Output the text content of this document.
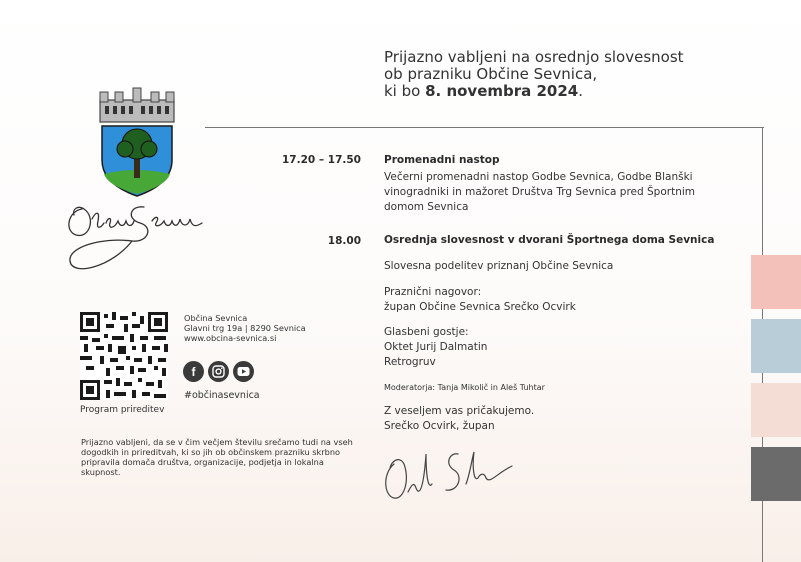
Prijazno vabljeni na osrednjo slovesnost
ob prazniku Občine Sevnica,
ki bo 8. novembra 2024.
17.20 – 17.50 Promenadni nastop
Večerni promenadni nastop Godbe Sevnica, Godbe Blanški
vinogradniki in mažoret Društva Trg Sevnica pred Športnim
domom Sevnica
18.00 Osrednja slovesnost v dvorani Športnega doma Sevnica
Slovesna podelitev priznanj Občine Sevnica
Praznični nagovor:
župan Občine Sevnica Srečko Ocvirk
Glasbeni gostje:
Oktet Jurij Dalmatin
Retrogruv
Moderatorja: Tanja Mikolič in Aleš Tuhtar
Z veseljem vas pričakujemo.
Srečko Ocvirk, župan
Program prireditev
Občina Sevnica
Glavni trg 19a | 8290 Sevnica
www.obcina-sevnica.si
f
#občinasevnica
Prijazno vabljeni, da se v čim večjem številu srečamo tudi na vseh dogodkih in prireditvah, ki so jih ob občinskem prazniku skrbno pripravila domača društva, organizacije, podjetja in lokalna skupnost.
